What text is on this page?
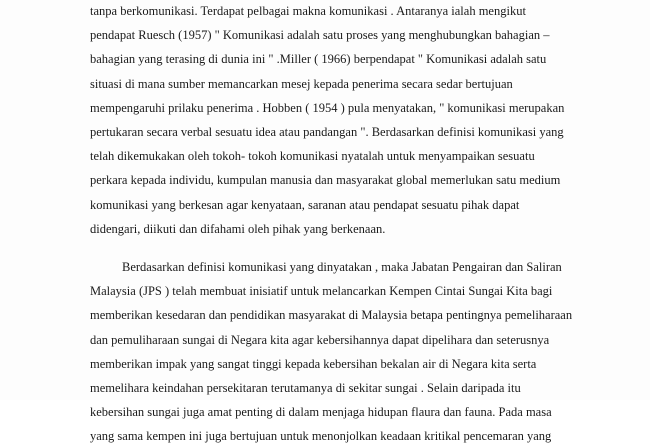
tanpa berkomunikasi. Terdapat pelbagai makna komunikasi . Antaranya ialah mengikut
pendapat Ruesch (1957) " Komunikasi adalah satu proses yang menghubungkan bahagian –
bahagian yang terasing di dunia ini " .Miller ( 1966) berpendapat " Komunikasi adalah satu
situasi di mana sumber memancarkan mesej kepada penerima secara sedar bertujuan
mempengaruhi prilaku penerima . Hobben ( 1954 ) pula menyatakan, " komunikasi merupakan
pertukaran secara verbal sesuatu idea atau pandangan ". Berdasarkan definisi komunikasi yang
telah dikemukakan oleh tokoh- tokoh komunikasi nyatalah untuk menyampaikan sesuatu
perkara kepada individu, kumpulan manusia dan masyarakat global memerlukan satu medium
komunikasi yang berkesan agar kenyataan, saranan atau pendapat sesuatu pihak dapat
didengari, diikuti dan difahami oleh pihak yang berkenaan.
Berdasarkan definisi komunikasi yang dinyatakan , maka Jabatan Pengairan dan Saliran
Malaysia (JPS ) telah membuat inisiatif untuk melancarkan Kempen Cintai Sungai Kita bagi
memberikan kesedaran dan pendidikan masyarakat di Malaysia betapa pentingnya pemeliharaan
dan pemuliharaan sungai di Negara kita agar kebersihannya dapat dipelihara dan seterusnya
memberikan impak yang sangat tinggi kepada kebersihan bekalan air di Negara kita serta
memelihara keindahan persekitaran terutamanya di sekitar sungai . Selain daripada itu
kebersihan sungai juga amat penting di dalam menjaga hidupan flaura dan fauna. Pada masa
yang sama kempen ini juga bertujuan untuk menonjolkan keadaan kritikal pencemaran yang
